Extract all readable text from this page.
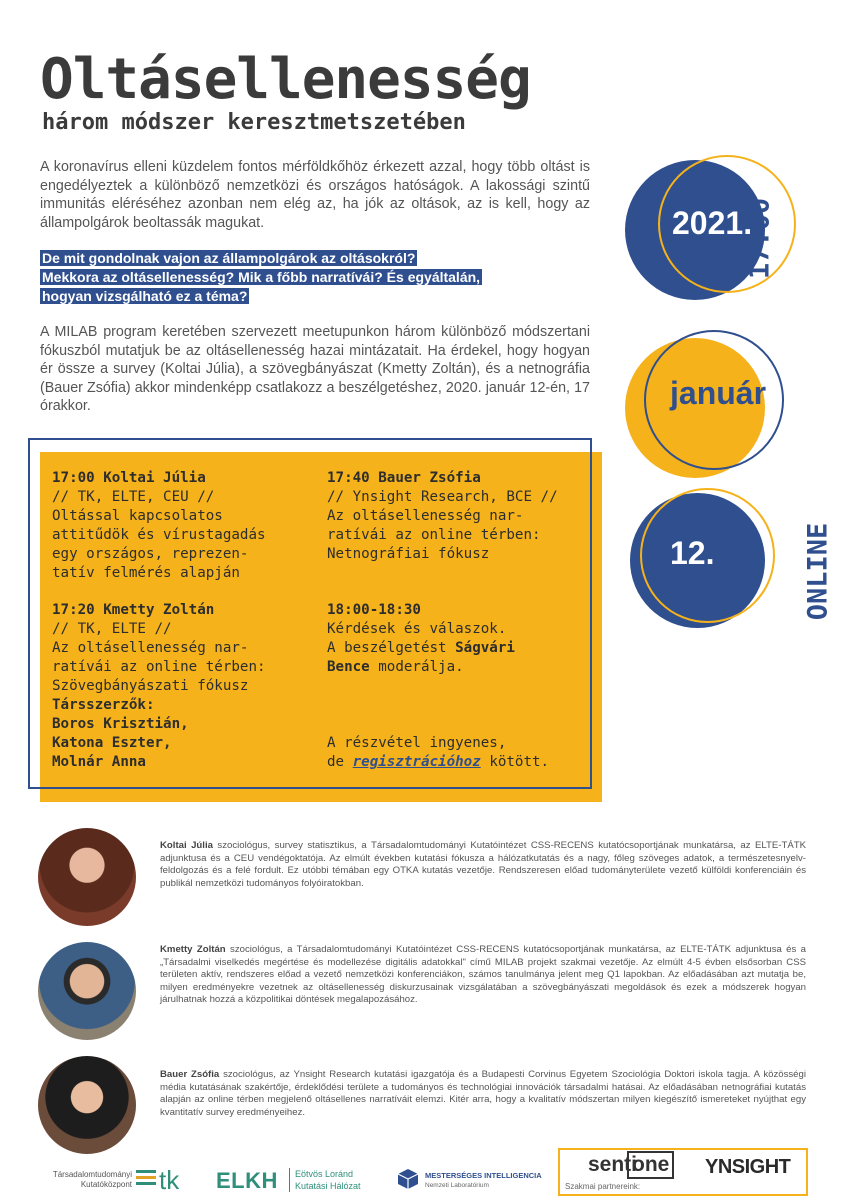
Oltásellenesség
három módszer keresztmetszetében

A koronavírus elleni küzdelem fontos mérföldkőhöz érkezett azzal, hogy több oltást is engedélyeztek a különböző nemzetközi és országos hatóságok. A lakossági szintű immunitás eléréséhez azonban nem elég az, ha jók az oltások, az is kell, hogy az állampolgárok beoltassák magukat.

De mit gondolnak vajon az állampolgárok az oltásokról?
Mekkora az oltásellenesség? Mik a főbb narratívái? És egyáltalán,
hogyan vizsgálható ez a téma?

A MILAB program keretében szervezett meetupunkon három különböző módszertani fókuszból mutatjuk be az oltásellenesség hazai mintázatait. Ha érdekel, hogy hogyan ér össze a survey (Koltai Júlia), a szövegbányászat (Kmetty Zoltán), és a netnográfia (Bauer Zsófia) akkor mindenképp csatlakozz a beszélgetéshez, 2020. január 12-én, 17 órakkor.

2021.
január
12.
17:00
ONLINE
17:00 Koltai Júlia
// TK, ELTE, CEU //
Oltással kapcsolatos
attitűdök és vírustagadás
egy országos, reprezen-
tatív felmérés alapján
17:40 Bauer Zsófia
// Ynsight Research, BCE //
Az oltásellenesség nar-
ratívái az online térben:
Netnográfiai fókusz
17:20 Kmetty Zoltán
// TK, ELTE //
Az oltásellenesség nar-
ratívái az online térben:
Szövegbányászati fókusz
Társszerzők:
Boros Krisztián,
Katona Eszter,
Molnár Anna
18:00-18:30
Kérdések és válaszok.
A beszélgetést Ságvári
Bence moderálja.
A részvétel ingyenes,
de regisztrációhoz kötött.

Koltai Júlia szociológus, survey statisztikus, a Társadalomtudományi Kutatóintézet CSS-RECENS kutatócsoportjának munkatársa, az ELTE-TÁTK adjunktusa és a CEU vendégoktatója. Az elmúlt években kutatási fókusza a hálózatkutatás és a nagy, főleg szöveges adatok, a természetesnyelv-feldolgozás és a felé fordult. Ez utóbbi témában egy OTKA kutatás vezetője. Rendszeresen előad tudományterülete vezető külföldi konferenciáin és publikál nemzetközi tudományos folyóiratokban.

Kmetty Zoltán szociológus, a Társadalomtudományi Kutatóintézet CSS-RECENS kutatócsoportjának munkatársa, az ELTE-TÁTK adjunktusa és a „Társadalmi viselkedés megértése és modellezése digitális adatokkal" című MILAB projekt szakmai vezetője. Az elmúlt 4-5 évben elsősorban CSS területen aktív, rendszeres előad a vezető nemzetközi konferenciákon, számos tanulmánya jelent meg Q1 lapokban. Az előadásában azt mutatja be, milyen eredményekre vezetnek az oltásellenesség diskurzusainak vizsgálatában a szövegbányászati megoldások és ezek a módszerek hogyan járulhatnak hozzá a közpolitikai döntések megalapozásához.

Bauer Zsófia szociológus, az Ynsight Research kutatási igazgatója és a Budapesti Corvinus Egyetem Szociológia Doktori iskola tagja. A közösségi média kutatásának szakértője, érdeklődési területe a tudományos és technológiai innovációk társadalmi hatásai. Az előadásában netnográfiai kutatás alapján az online térben megjelenő oltásellenes narratíváit elemzi. Kitér arra, hogy a kvalitatív módszertan milyen kiegészítő ismereteket nyújthat egy kvantitatív survey eredményeihez.

Társadalomtudományi
Kutatóközpont tk ELKH Eötvös Loránd
Kutatási Hálózat
MESTERSÉGES INTELLIGENCIA
Nemzeti Laboratórium
senti
one YNSIGHT
Szakmai partnereink:
